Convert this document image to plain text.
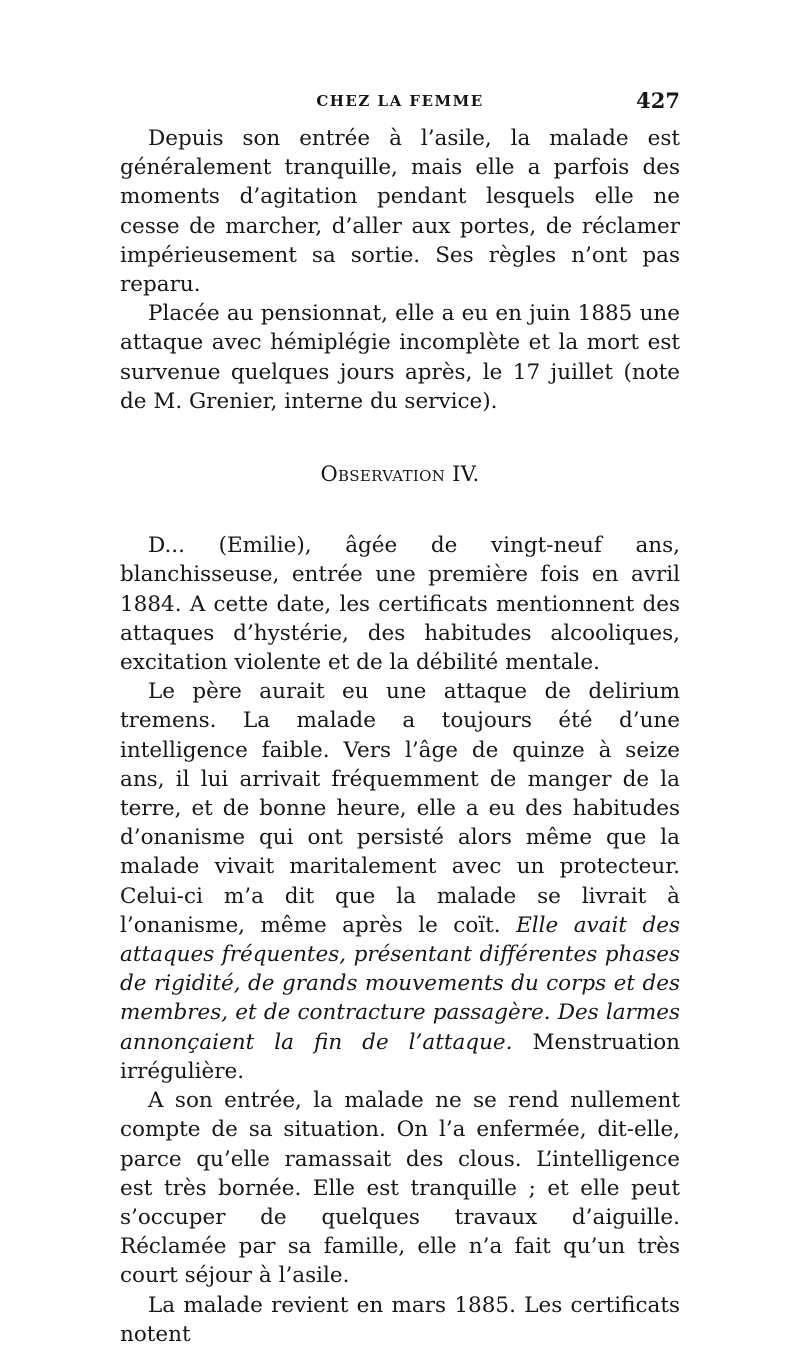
CHEZ LA FEMME	427

Depuis son entrée à l’asile, la malade est généralement tranquille, mais elle a parfois des moments d’agitation pendant lesquels elle ne cesse de marcher, d’aller aux portes, de réclamer impérieusement sa sortie. Ses règles n’ont pas reparu.

Placée au pensionnat, elle a eu en juin 1885 une attaque avec hémiplégie incomplète et la mort est survenue quelques jours après, le 17 juillet (note de M. Grenier, interne du service).

Observation IV.

D... (Emilie), âgée de vingt-neuf ans, blanchisseuse, entrée une première fois en avril 1884. A cette date, les certificats mentionnent des attaques d’hystérie, des habitudes alcooliques, excitation violente et de la débilité mentale.

Le père aurait eu une attaque de delirium tremens. La malade a toujours été d’une intelligence faible. Vers l’âge de quinze à seize ans, il lui arrivait fréquemment de manger de la terre, et de bonne heure, elle a eu des habitudes d’onanisme qui ont persisté alors même que la malade vivait maritalement avec un protecteur. Celui-ci m’a dit que la malade se livrait à l’onanisme, même après le coït. Elle avait des attaques fréquentes, présentant différentes phases de rigidité, de grands mouvements du corps et des membres, et de contracture passagère. Des larmes annonçaient la fin de l’attaque. Menstruation irrégulière.

A son entrée, la malade ne se rend nullement compte de sa situation. On l’a enfermée, dit-elle, parce qu’elle ramassait des clous. L’intelligence est très bornée. Elle est tranquille ; et elle peut s’occuper de quelques travaux d’aiguille. Réclamée par sa famille, elle n’a fait qu’un très court séjour à l’asile.

La malade revient en mars 1885. Les certificats notent
